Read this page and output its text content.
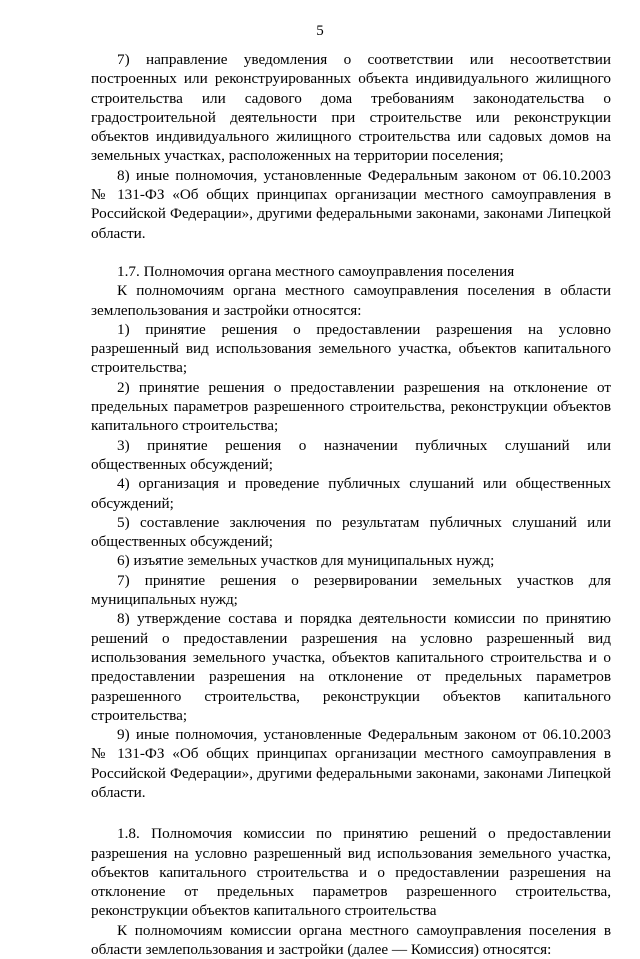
5

7) направление уведомления о соответствии или несоответствии построенных или реконструированных объекта индивидуального жилищного строительства или садового дома требованиям законодательства о градостроительной деятельности при строительстве или реконструкции объектов индивидуального жилищного строительства или садовых домов на земельных участках, расположенных на территории поселения;

8) иные полномочия, установленные Федеральным законом от 06.10.2003 № 131-ФЗ «Об общих принципах организации местного самоуправления в Российской Федерации», другими федеральными законами, законами Липецкой области.

1.7. Полномочия органа местного самоуправления поселения

К полномочиям органа местного самоуправления поселения в области землепользования и застройки относятся:

1) принятие решения о предоставлении разрешения на условно разрешенный вид использования земельного участка, объектов капитального строительства;

2) принятие решения о предоставлении разрешения на отклонение от предельных параметров разрешенного строительства, реконструкции объектов капитального строительства;

3) принятие решения о назначении публичных слушаний или общественных обсуждений;

4) организация и проведение публичных слушаний или общественных обсуждений;

5) составление заключения по результатам публичных слушаний или общественных обсуждений;

6) изъятие земельных участков для муниципальных нужд;

7) принятие решения о резервировании земельных участков для муниципальных нужд;

8) утверждение состава и порядка деятельности комиссии по принятию решений о предоставлении разрешения на условно разрешенный вид использования земельного участка, объектов капитального строительства и о предоставлении разрешения на отклонение от предельных параметров разрешенного строительства, реконструкции объектов капитального строительства;

9) иные полномочия, установленные Федеральным законом от 06.10.2003 № 131-ФЗ «Об общих принципах организации местного самоуправления в Российской Федерации», другими федеральными законами, законами Липецкой области.

1.8. Полномочия комиссии по принятию решений о предоставлении разрешения на условно разрешенный вид использования земельного участка, объектов капитального строительства и о предоставлении разрешения на отклонение от предельных параметров разрешенного строительства, реконструкции объектов капитального строительства

К полномочиям комиссии органа местного самоуправления поселения в области землепользования и застройки (далее — Комиссия) относятся:
